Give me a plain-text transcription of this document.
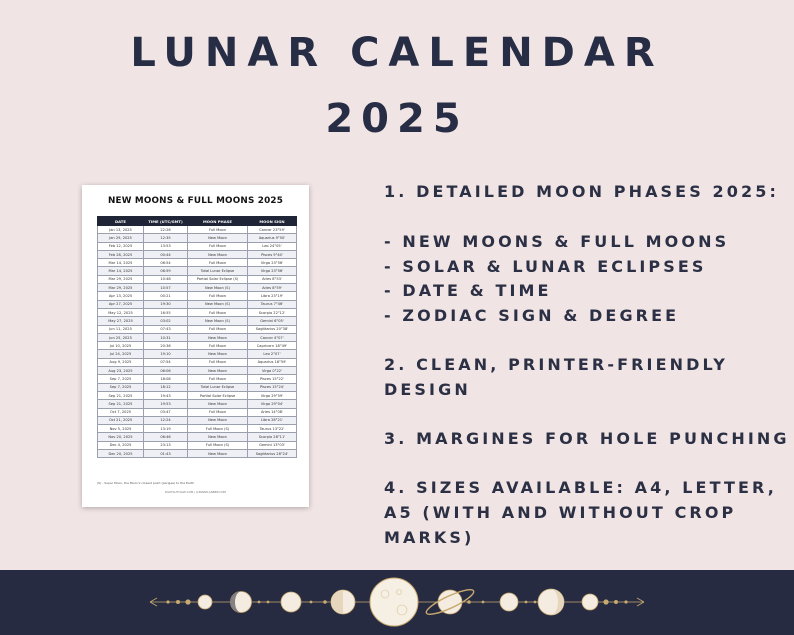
LUNAR CALENDAR
2025
NEW MOONS & FULL MOONS 2025
DATE	TIME (UTC/GMT)	MOON PHASE	MOON SIGN
Jan 13, 2025	22:26	Full Moon	Cancer 23°59'
Jan 29, 2025	12:35	New Moon	Aquarius 9°50'
Feb 12, 2025	13:53	Full Moon	Leo 24°05'
Feb 28, 2025	00:44	New Moon	Pisces 9°40'
Mar 14, 2025	06:54	Full Moon	Virgo 23°56'
Mar 14, 2025	06:59	Total Lunar Eclipse	Virgo 23°56'
Mar 29, 2025	10:48	Partial Solar Eclipse (S)	Aries 8°53'
Mar 29, 2025	10:57	New Moon (S)	Aries 8°59'
Apr 13, 2025	00:21	Full Moon	Libra 23°19'
Apr 27, 2025	19:30	New Moon (S)	Taurus 7°46'
May 12, 2025	16:55	Full Moon	Scorpio 22°12'
May 27, 2025	03:02	New Moon (S)	Gemini 6°05'
Jun 11, 2025	07:43	Full Moon	Sagittarius 20°38'
Jun 25, 2025	10:31	New Moon	Cancer 4°07'
Jul 10, 2025	20:36	Full Moon	Capricorn 18°49'
Jul 24, 2025	19:10	New Moon	Leo 2°07'
Aug 9, 2025	07:54	Full Moon	Aquarius 16°59'
Aug 23, 2025	06:06	New Moon	Virgo 0°22'
Sep 7, 2025	18:08	Full Moon	Pisces 15°22'
Sep 7, 2025	18:12	Total Lunar Eclipse	Pisces 15°24'
Sep 21, 2025	19:43	Partial Solar Eclipse	Virgo 29°59'
Sep 21, 2025	19:53	New Moon	Virgo 29°04'
Oct 7, 2025	03:47	Full Moon	Aries 14°08'
Oct 21, 2025	12:24	New Moon	Libra 28°21'
Nov 5, 2025	13:19	Full Moon (S)	Taurus 13°22'
Nov 20, 2025	06:46	New Moon	Scorpio 28°11'
Dec 4, 2025	23:13	Full Moon (S)	Gemini 13°03'
Dec 20, 2025	01:43	New Moon	Sagittarius 28°24'
(S) - Super Moon, the Moon's closest point (perigee) to the Earth
DIGITALHYGGE.COM | LUNARPLANNER.COM
1. DETAILED MOON PHASES 2025:
- NEW MOONS & FULL MOONS
- SOLAR & LUNAR ECLIPSES
- DATE & TIME
- ZODIAC SIGN & DEGREE
2. CLEAN, PRINTER-FRIENDLY
DESIGN
3. MARGINES FOR HOLE PUNCHING
4. SIZES AVAILABLE: A4, LETTER,
A5 (WITH AND WITHOUT CROP
MARKS)
